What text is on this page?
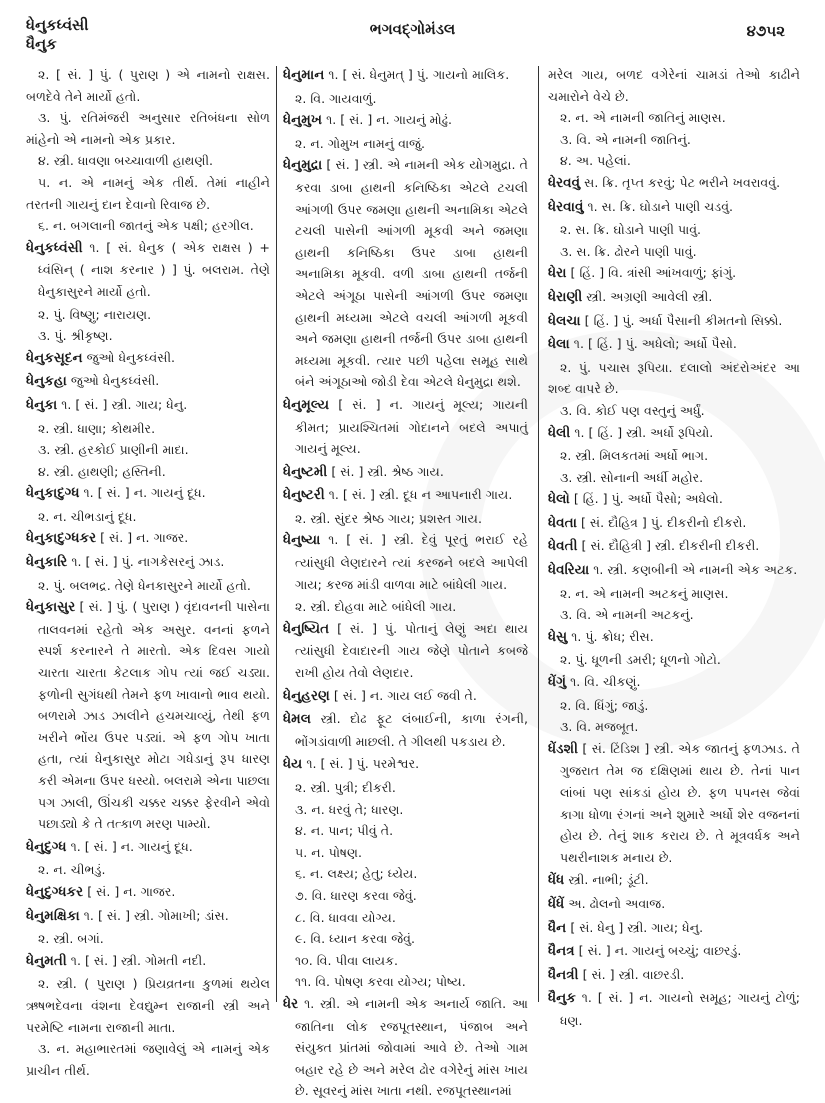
ધેનુકધ્વંસી
ધૈનુક
ભગવદ્ગોમંડલ	૪૭૫૨

૨. [ સં. ] પું. ( પુરાણ ) એ નામનો રાક્ષસ. બળદેવે તેને માર્યો હતો.

૩. પું. રતિમંજરી અનુસાર રતિબંધના સોળ માંહેનો એ નામનો એક પ્રકાર.

૪. સ્ત્રી. ધાવણા બચ્ચાવાળી હાથણી.

૫. ન. એ નામનું એક તીર્થ. તેમાં નાહીને તરતની ગાયનું દાન દેવાનો રિવાજ છે.

૬. ન. બગલાની જાતનું એક પક્ષી; હરગીલ.

ધેનુકધ્વંસી ૧. [ સં. ધેનુક ( એક રાક્ષસ ) + ધ્વંસિન્ ( નાશ કરનાર ) ] પું. બલરામ. તેણે ધેનુકાસુરને માર્યો હતો.

૨. પું. વિષ્ણુ; નારાયણ.

૩. પું. શ્રીકૃષ્ણ.

ધેનુકસૂદન જુઓ ધેનુકધ્વંસી.

ધેનુકહા જુઓ ધેનુકધ્વંસી.

ધેનુકા ૧. [ સં. ] સ્ત્રી. ગાય; ધેનુ.

૨. સ્ત્રી. ધાણા; કોથમીર.

૩. સ્ત્રી. હરકોઈ પ્રાણીની માદા.

૪. સ્ત્રી. હાથણી; હસ્તિની.

ધેનુકાદુગ્ધ ૧. [ સં. ] ન. ગાયનું દૂધ.

૨. ન. ચીભડાનું દૂધ.

ધેનુકાદુગ્ધકર [ સં. ] ન. ગાજર.

ધેનુકારિ ૧. [ સં. ] પું. નાગકેસરનું ઝાડ.

૨. પું. બલભદ્ર. તેણે ધેનકાસુરને માર્યો હતો.

ધેનુકાસુર [ સં. ] પું. ( પુરાણ ) વૃંદાવનની પાસેના તાલવનમાં રહેતો એક અસુર. વનનાં ફળને સ્પર્શ કરનારને તે મારતો. એક દિવસ ગાયો ચારતા ચારતા કેટલાક ગોપ ત્યાં જઈ ચડ્યા. ફળોની સુગંધથી તેમને ફળ ખાવાનો ભાવ થયો. બળરામે ઝાડ ઝાલીને હચમચાવ્યું, તેથી ફળ ખરીને ભોંય ઉપર પડ્યાં. એ ફળ ગોપ ખાતા હતા, ત્યાં ધેનુકાસુર મોટા ગધેડાનું રૂપ ધારણ કરી એમના ઉપર ધસ્યો. બલરામે એના પાછલા પગ ઝાલી, ઊંચકી ચક્કર ચક્કર ફેરવીને એવો પછાડ્યો કે તે તત્કાળ મરણ પામ્યો.

ધેનુદુગ્ધ ૧. [ સં. ] ન. ગાયનું દૂધ.

૨. ન. ચીભડું.

ધેનુદુગ્ધકર [ સં. ] ન. ગાજર.

ધેનુમક્ષિકા ૧. [ સં. ] સ્ત્રી. ગોમાખી; ડાંસ.

૨. સ્ત્રી. બગાં.

ધેનુમતી ૧. [ સં. ] સ્ત્રી. ગોમતી નદી.

૨. સ્ત્રી. ( પુરાણ ) પ્રિયવ્રતના કુળમાં થયેલ ઋષભદેવના વંશના દેવદ્યુમ્ન રાજાની સ્ત્રી અને પરમેષ્ટિ નામના રાજાની માતા.

૩. ન. મહાભારતમાં જણાવેલું એ નામનું એક પ્રાચીન તીર્થ.

ધેનુમાન ૧. [ સં. ધેનુમત્ ] પું. ગાયનો માલિક.

૨. વિ. ગાયવાળું.

ધેનુમુખ ૧. [ સં. ] ન. ગાયનું મોઢું.

૨. ન. ગોમુખ નામનું વાજું.

ધેનુમુદ્રા [ સં. ] સ્ત્રી. એ નામની એક યોગમુદ્રા. તે કરવા ડાબા હાથની કનિષ્ઠિકા એટલે ટચલી આંગળી ઉપર જમણા હાથની અનામિકા એટલે ટચલી પાસેની આંગળી મૂકવી અને જમણા હાથની કનિષ્ઠિકા ઉપર ડાબા હાથની અનામિકા મૂકવી. વળી ડાબા હાથની તર્જની એટલે અંગૂઠા પાસેની આંગળી ઉપર જમણા હાથની મધ્યમા એટલે વચલી આંગળી મૂકવી અને જમણા હાથની તર્જની ઉપર ડાબા હાથની મધ્યમા મૂકવી. ત્યાર પછી પહેલા સમૂહ સાથે બંને અંગૂઠાઓ જોડી દેવા એટલે ધેનુમુદ્રા થશે.

ધેનુમૂલ્ય [ સં. ] ન. ગાયનું મૂલ્ય; ગાયની કીમત; પ્રાયશ્ચિતમાં ગોદાનને બદલે અપાતું ગાયનું મૂલ્ય.

ધેનુષ્ટમી [ સં. ] સ્ત્રી. શ્રેષ્ઠ ગાય.

ધેનુષ્ટરી ૧. [ સં. ] સ્ત્રી. દૂધ ન આપનારી ગાય.

૨. સ્ત્રી. સુંદર શ્રેષ્ઠ ગાય; પ્રશસ્ત ગાય.

ધેનુષ્યા ૧. [ સં. ] સ્ત્રી. દેવું પૂરતું ભરાઈ રહે ત્યાંસુધી લેણદારને ત્યાં કરજને બદલે આપેલી ગાય; કરજ માંડી વાળવા માટે બાંધેલી ગાય.

૨. સ્ત્રી. દોહવા માટે બાંધેલી ગાય.

ધેનુષ્યિત [ સં. ] પું. પોતાનું લેણું અદા થાય ત્યાંસુધી દેવાદારની ગાય જેણે પોતાને કબજે રાખી હોય તેવો લેણદાર.

ધેનુહરણ [ સં. ] ન. ગાય લઈ જવી તે.

ધેમલ સ્ત્રી. દોઢ ફૂટ લંબાઈની, કાળા રંગની, ભોંગડાંવાળી માછલી. તે ગીલથી પકડાય છે.

ધેય ૧. [ સં. ] પું. પરમેશ્વર.

૨. સ્ત્રી. પુત્રી; દીકરી.

૩. ન. ધરવું તે; ધારણ.

૪. ન. પાન; પીવું તે.

૫. ન. પોષણ.

૬. ન. લક્ષ્ય; હેતુ; ધ્યેય.

૭. વિ. ધારણ કરવા જેવું.

૮. વિ. ધાવવા યોગ્ય.

૯. વિ. ધ્યાન કરવા જેવું.

૧૦. વિ. પીવા લાયક.

૧૧. વિ. પોષણ કરવા યોગ્ય; પોષ્ય.

ધેર ૧. સ્ત્રી. એ નામની એક અનાર્ય જાતિ. આ જાતિના લોક રજપૂતસ્થાન, પંજાબ અને સંયુક્ત પ્રાંતમાં જોવામાં આવે છે. તેઓ ગામ બહાર રહે છે અને મરેલ ઢોર વગેરેનું માંસ ખાય છે. સૂવરનું માંસ ખાતા નથી. રજપૂતસ્થાનમાં

મરેલ ગાય, બળદ વગેરેનાં ચામડાં તેઓ કાઢીને ચમારોને વેચે છે.

૨. ન. એ નામની જાતિનું માણસ.

૩. વિ. એ નામની જાતિનું.

૪. અ. પહેલાં.

ધેરવવું સ. ક્રિ. તૃપ્ત કરવું; પેટ ભરીને ખવરાવવું.

ધેરવાવું ૧. સ. ક્રિ. ઘોડાને પાણી ચડવું.

૨. સ. ક્રિ. ઘોડાને પાણી પાવું.

૩. સ. ક્રિ. ઢોરને પાણી પાવું.

ધેરા [ હિં. ] વિ. ત્રાંસી આંખવાળું; ફાંગું.

ધેરાણી સ્ત્રી. અગ્રણી આવેલી સ્ત્રી.

ધેલચા [ હિં. ] પું. અર્ધા પૈસાની કીમતનો સિક્કો.

ધેલા ૧. [ હિં. ] પું. અધેલો; અર્ધો પૈસો.

૨. પું. પચાસ રૂપિયા. દલાલો અંદરોઅંદર આ શબ્દ વાપરે છે.

૩. વિ. કોઈ પણ વસ્તુનું અર્ધું.

ધેલી ૧. [ હિં. ] સ્ત્રી. અર્ધો રૂપિયો.

૨. સ્ત્રી. મિલકતમાં અર્ધો ભાગ.

૩. સ્ત્રી. સોનાની અર્ધી મહોર.

ધેલો [ હિં. ] પું. અર્ધો પૈસો; અધેલો.

ધેવતા [ સં. દૌહિત્ર ] પું. દીકરીનો દીકરો.

ધેવતી [ સં. દૌહિત્રી ] સ્ત્રી. દીકરીની દીકરી.

ધેવરિયા ૧. સ્ત્રી. કણબીની એ નામની એક અટક.

૨. ન. એ નામની અટકનું માણસ.

૩. વિ. એ નામની અટકનું.

ધેસુ ૧. પું. ક્રોધ; રીસ.

૨. પું. ધૂળની ડમરી; ધૂળનો ગોટો.

ધેંગું ૧. વિ. ચીકણું.

૨. વિ. ધિંગું; જાડું.

૩. વિ. મજબૂત.

ધેંડશી [ સં. ટિંડિશ ] સ્ત્રી. એક જાતનું ફળઝાડ. તે ગુજરાત તેમ જ દક્ષિણમાં થાય છે. તેનાં પાન લાંબાં પણ સાંકડાં હોય છે. ફળ પપનસ જેવાં કાગા ધોળા રંગનાં અને શુમારે અર્ધો શેર વજનનાં હોય છે. તેનું શાક કરાય છે. તે મૂત્રવર્ધક અને પથરીનાશક મનાય છે.

ધેંધ સ્ત્રી. નાભી; ડૂંટી.

ધેંધેં અ. ઢોલનો અવાજ.

ધૈન [ સં. ધેનુ ] સ્ત્રી. ગાય; ધેનુ.

ધૈનત્ર [ સં. ] ન. ગાયનું બચ્ચું; વાછરડું.

ધૈનત્રી [ સં. ] સ્ત્રી. વાછરડી.

ધૈનુક ૧. [ સં. ] ન. ગાયનો સમૂહ; ગાયનું ટોળું; ધણ.
